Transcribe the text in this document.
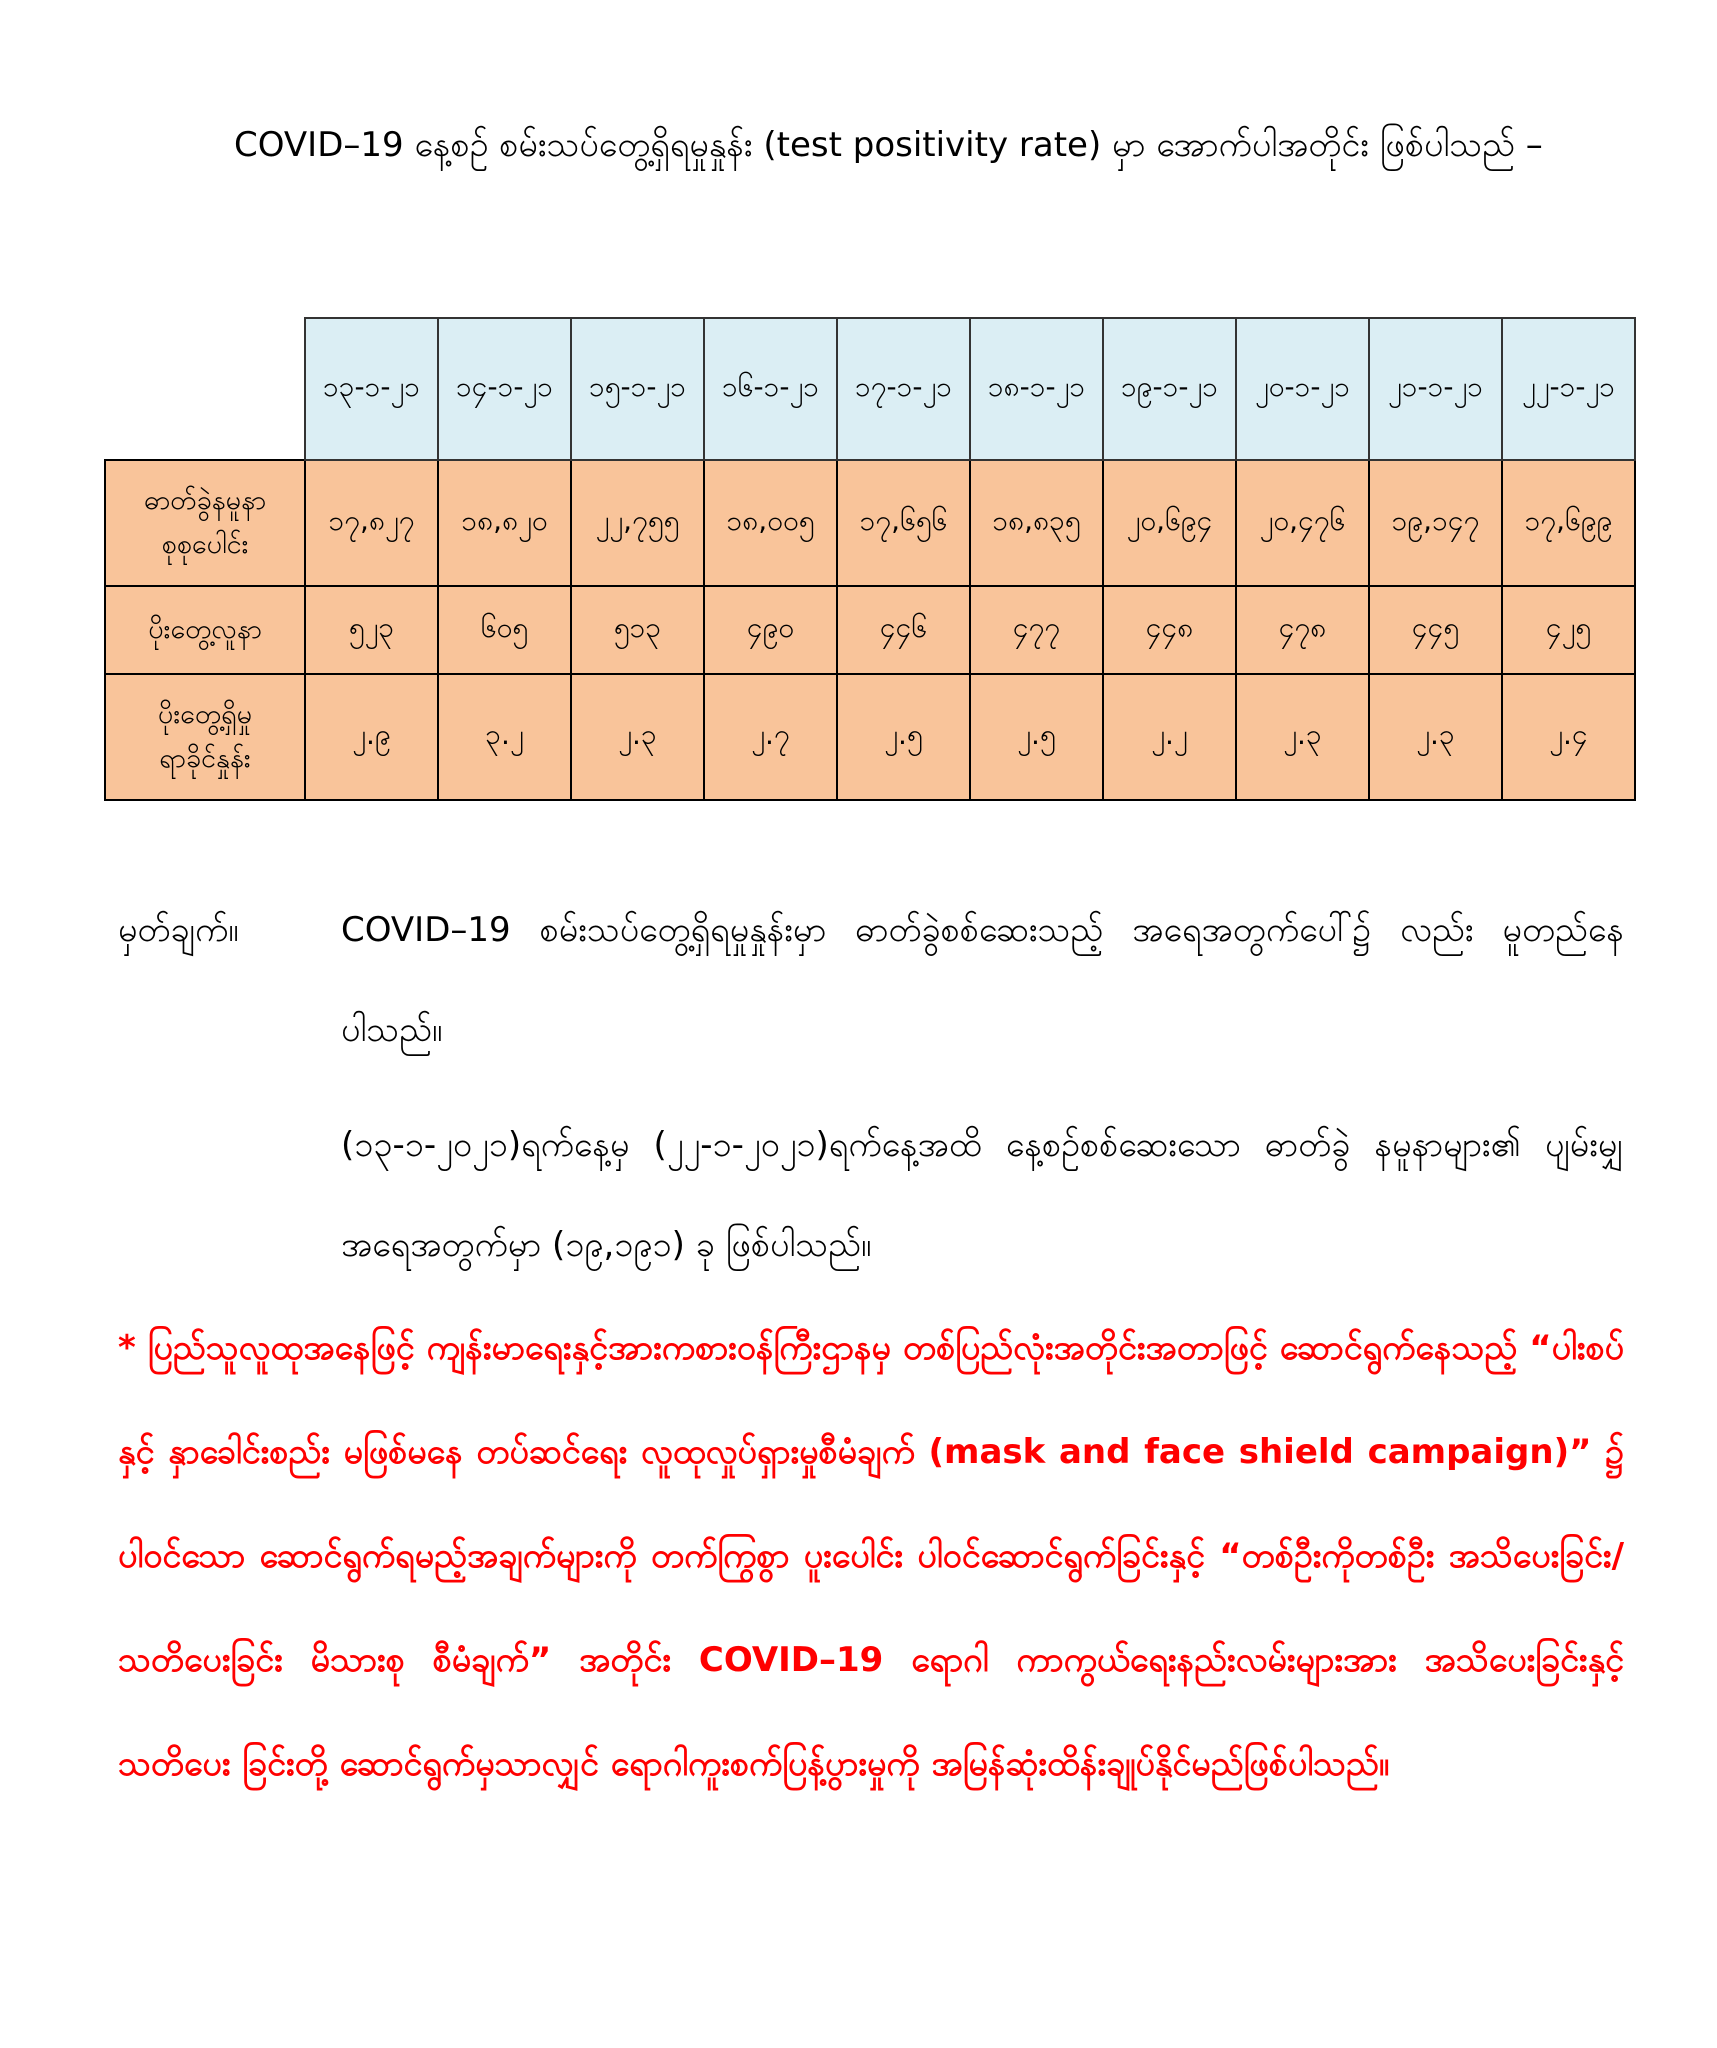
COVID–19 နေ့စဉ် စမ်းသပ်တွေ့ရှိရမှုနှုန်း (test positivity rate) မှာ အောက်ပါအတိုင်း ဖြစ်ပါသည် –

	၁၃-၁-၂၁	၁၄-၁-၂၁	၁၅-၁-၂၁	၁၆-၁-၂၁	၁၇-၁-၂၁	၁၈-၁-၂၁	၁၉-၁-၂၁	၂၀-၁-၂၁	၂၁-၁-၂၁	၂၂-၁-၂၁
ဓာတ်ခွဲနမူနာ စုစုပေါင်း	၁၇,၈၂၇	၁၈,၈၂၀	၂၂,၇၅၅	၁၈,၀၀၅	၁၇,၆၅၆	၁၈,၈၃၅	၂၀,၆၉၄	၂၀,၄၇၆	၁၉,၁၄၇	၁၇,၆၉၉
ပိုးတွေ့လူနာ	၅၂၃	၆၀၅	၅၁၃	၄၉၀	၄၄၆	၄၇၇	၄၄၈	၄၇၈	၄၄၅	၄၂၅
ပိုးတွေ့ရှိမှု ရာခိုင်နှုန်း	၂.၉	၃.၂	၂.၃	၂.၇	၂.၅	၂.၅	၂.၂	၂.၃	၂.၃	၂.၄
မှတ်ချက်။	COVID–19 စမ်းသပ်တွေ့ရှိရမှုနှုန်းမှာ ဓာတ်ခွဲစစ်ဆေးသည့် အရေအတွက်ပေါ်၌ လည်း မူတည်နေပါသည်။

(၁၃-၁-၂၀၂၁)ရက်နေ့မှ (၂၂-၁-၂၀၂၁)ရက်နေ့အထိ နေ့စဉ်စစ်ဆေးသော ဓာတ်ခွဲ နမူနာများ၏ ပျမ်းမျှအရေအတွက်မှာ (၁၉,၁၉၁) ခု ဖြစ်ပါသည်။

* ပြည်သူလူထုအနေဖြင့် ကျန်းမာရေးနှင့်အားကစားဝန်ကြီးဌာနမှ တစ်ပြည်လုံးအတိုင်းအတာဖြင့် ဆောင်ရွက်နေသည့် “ပါးစပ်နှင့် နှာခေါင်းစည်း မဖြစ်မနေ တပ်ဆင်ရေး လူထုလှုပ်ရှားမှုစီမံချက် (mask and face shield campaign)” ၌ ပါဝင်သော ဆောင်ရွက်ရမည့်အချက်များကို တက်ကြွစွာ ပူးပေါင်း ပါဝင်ဆောင်ရွက်ခြင်းနှင့် “တစ်ဦးကိုတစ်ဦး အသိပေးခြင်း/ သတိပေးခြင်း မိသားစု စီမံချက်” အတိုင်း COVID–19 ရောဂါ ကာကွယ်ရေးနည်းလမ်းများအား အသိပေးခြင်းနှင့် သတိပေး ခြင်းတို့ ဆောင်ရွက်မှသာလျှင် ရောဂါကူးစက်ပြန့်ပွားမှုကို အမြန်ဆုံးထိန်းချုပ်နိုင်မည်ဖြစ်ပါသည်။
